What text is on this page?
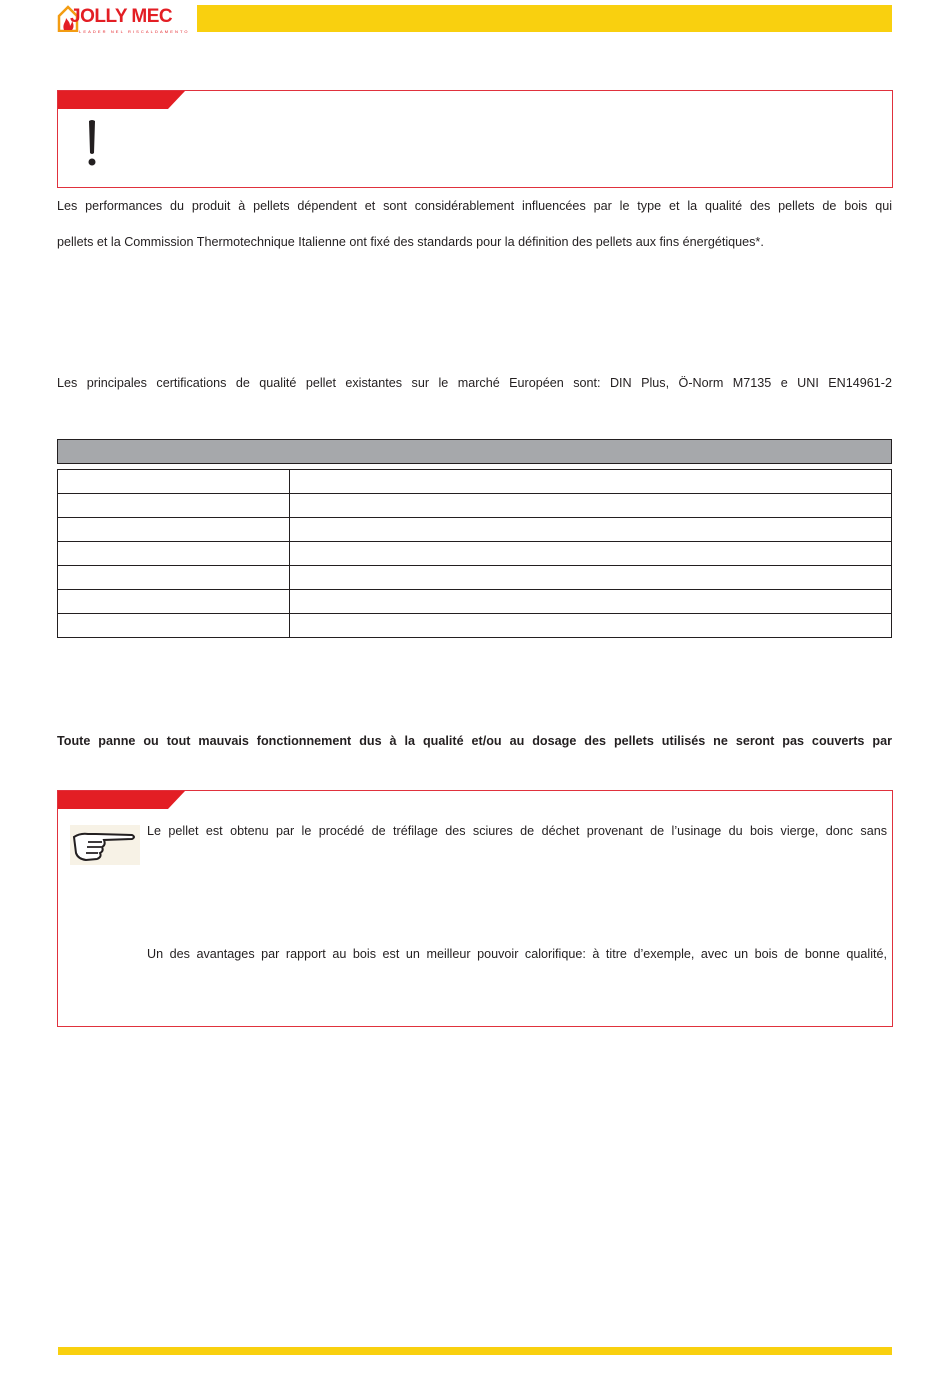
JOLLY MEC
LEADER NEL RISCALDAMENTO
Les performances du produit à pellets dépendent et sont considérablement influencées par le type et la qualité des pellets de bois qui
pellets et la Commission Thermotechnique Italienne ont fixé des standards pour la définition des pellets aux fins énergétiques*.
Les principales certifications de qualité pellet existantes sur le marché Européen sont: DIN Plus, Ö-Norm M7135 e UNI EN14961-2

Toute panne ou tout mauvais fonctionnement dus à la qualité et/ou au dosage des pellets utilisés ne seront pas couverts par
Le pellet est obtenu par le procédé de tréfilage des sciures de déchet provenant de l’usinage du bois vierge, donc sans
Un des avantages par rapport au bois est un meilleur pouvoir calorifique: à titre d’exemple, avec un bois de bonne qualité,
